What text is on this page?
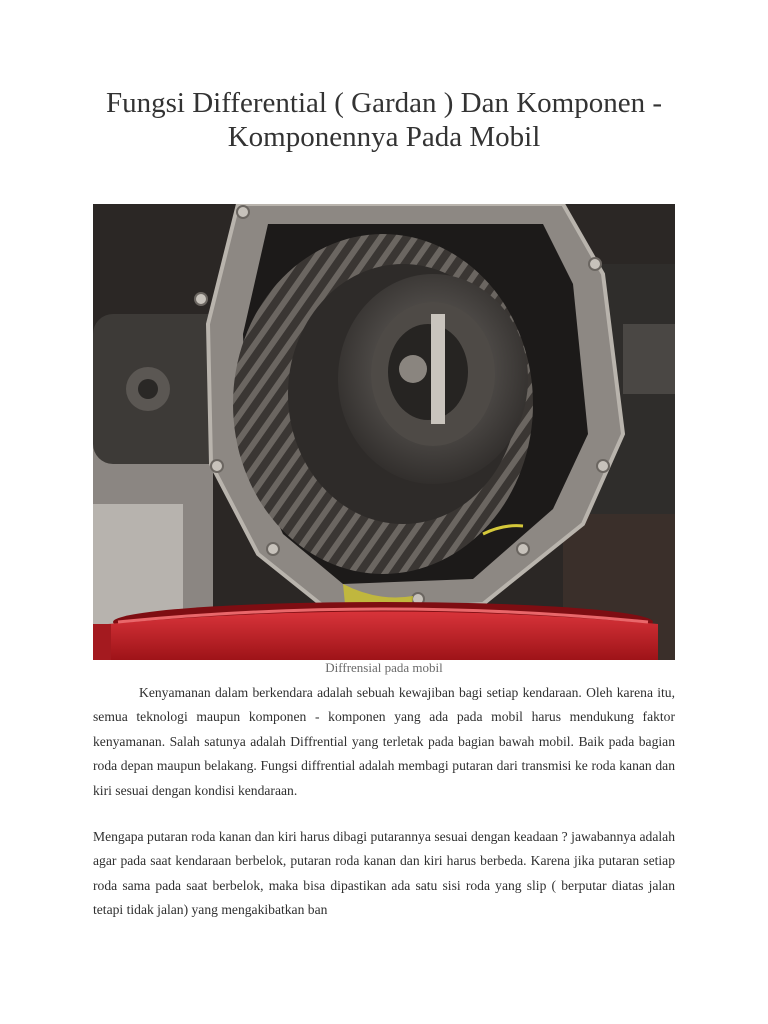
Fungsi Differential ( Gardan ) Dan Komponen - Komponennya Pada Mobil
Diffrensial pada mobil

Kenyamanan dalam berkendara adalah sebuah kewajiban bagi setiap kendaraan. Oleh karena itu, semua teknologi maupun komponen - komponen yang ada pada mobil harus mendukung faktor kenyamanan. Salah satunya adalah Diffrential yang terletak pada bagian bawah mobil. Baik pada bagian roda depan maupun belakang. Fungsi diffrential adalah membagi putaran dari transmisi ke roda kanan dan kiri sesuai dengan kondisi kendaraan.

Mengapa putaran roda kanan dan kiri harus dibagi putarannya sesuai dengan keadaan ? jawabannya adalah agar pada saat kendaraan berbelok, putaran roda kanan dan kiri harus berbeda. Karena jika putaran setiap roda sama pada saat berbelok, maka bisa dipastikan ada satu sisi roda yang slip ( berputar diatas jalan tetapi tidak jalan) yang mengakibatkan ban
